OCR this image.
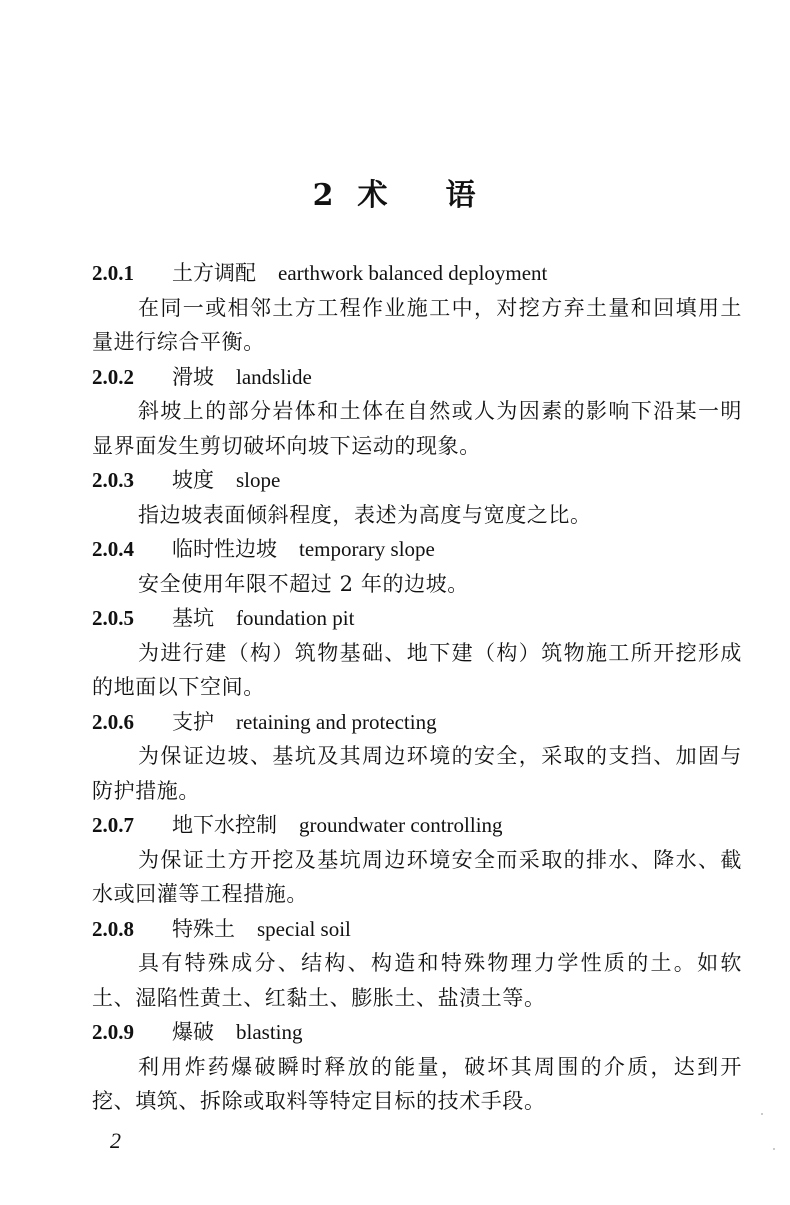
2 术 语
2.0.1 土方调配 earthwork balanced deployment

在同一或相邻土方工程作业施工中，对挖方弃土量和回填用土量进行综合平衡。

2.0.2 滑坡 landslide

斜坡上的部分岩体和土体在自然或人为因素的影响下沿某一明显界面发生剪切破坏向坡下运动的现象。

2.0.3 坡度 slope

指边坡表面倾斜程度，表述为高度与宽度之比。

2.0.4 临时性边坡 temporary slope

安全使用年限不超过 2 年的边坡。

2.0.5 基坑 foundation pit

为进行建（构）筑物基础、地下建（构）筑物施工所开挖形成的地面以下空间。

2.0.6 支护 retaining and protecting

为保证边坡、基坑及其周边环境的安全，采取的支挡、加固与防护措施。

2.0.7 地下水控制 groundwater controlling

为保证土方开挖及基坑周边环境安全而采取的排水、降水、截水或回灌等工程措施。

2.0.8 特殊土 special soil

具有特殊成分、结构、构造和特殊物理力学性质的土。如软土、湿陷性黄土、红黏土、膨胀土、盐渍土等。

2.0.9 爆破 blasting

利用炸药爆破瞬时释放的能量，破坏其周围的介质，达到开挖、填筑、拆除或取料等特定目标的技术手段。

2
